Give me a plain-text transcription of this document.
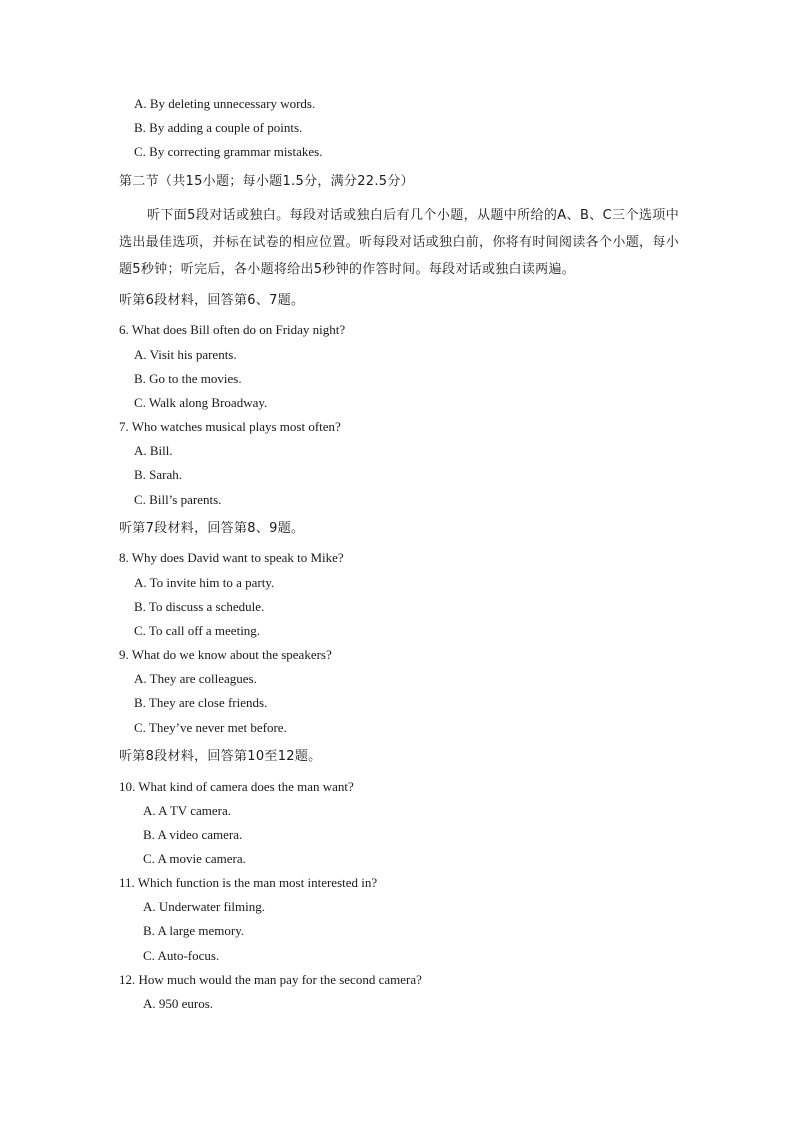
A. By deleting unnecessary words.
B. By adding a couple of points.
C. By correcting grammar mistakes.
第二节（共15小题；每小题1.5分，满分22.5分）
听下面5段对话或独白。每段对话或独白后有几个小题，从题中所给的A、B、C三个选项中选出最佳选项，并标在试卷的相应位置。听每段对话或独白前，你将有时间阅读各个小题，每小题5秒钟；听完后，各小题将给出5秒钟的作答时间。每段对话或独白读两遍。
听第6段材料，回答第6、7题。
6. What does Bill often do on Friday night?
A. Visit his parents.
B. Go to the movies.
C. Walk along Broadway.
7. Who watches musical plays most often?
A. Bill.
B. Sarah.
C. Bill’s parents.
听第7段材料，回答第8、9题。
8. Why does David want to speak to Mike?
A. To invite him to a party.
B. To discuss a schedule.
C. To call off a meeting.
9. What do we know about the speakers?
A. They are colleagues.
B. They are close friends.
C. They’ve never met before.
听第8段材料，回答第10至12题。
10. What kind of camera does the man want?
A. A TV camera.
B. A video camera.
C. A movie camera.
11. Which function is the man most interested in?
A. Underwater filming.
B. A large memory.
C. Auto-focus.
12. How much would the man pay for the second camera?
A. 950 euros.
